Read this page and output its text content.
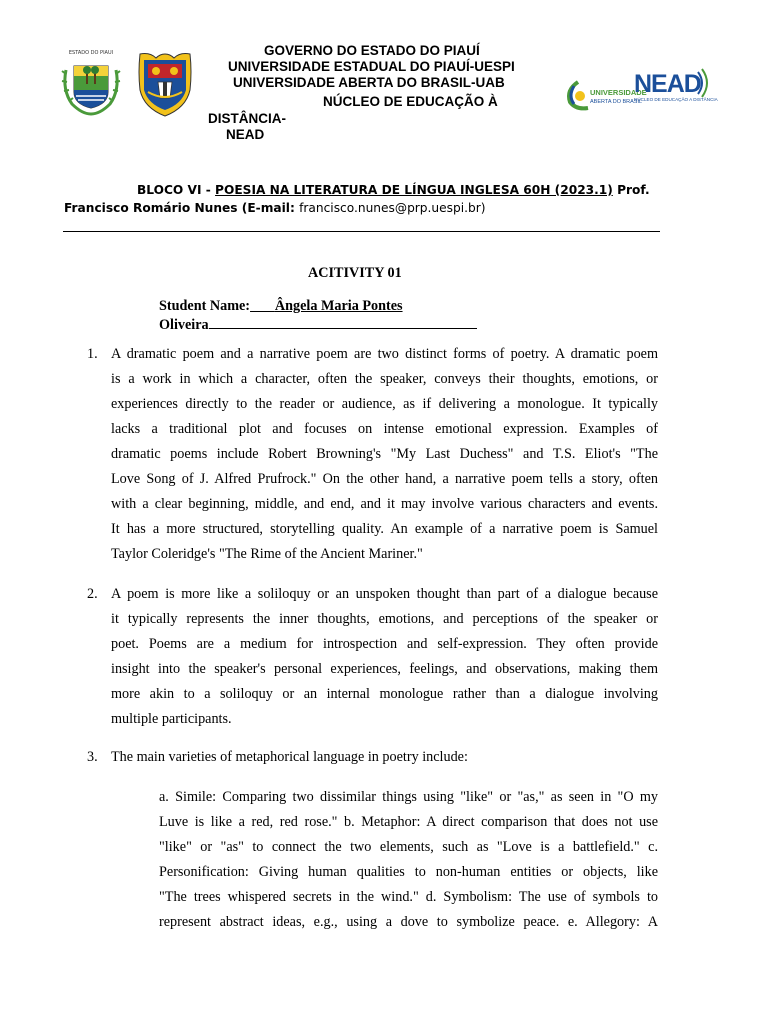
ESTADO DO PIAUI
UNIVERSIDADE
ABERTA DO BRASIL
NEAD
NÚCLEO DE EDUCAÇÃO A DISTÂNCIA
GOVERNO DO ESTADO DO PIAUÍ
UNIVERSIDADE ESTADUAL DO PIAUÍ-UESPI
UNIVERSIDADE ABERTA DO BRASIL-UAB
NÚCLEO DE EDUCAÇÃO À
DISTÂNCIA-
NEAD
BLOCO VI - POESIA NA LITERATURA DE LÍNGUA INGLESA 60H (2023.1) Prof.
Francisco Romário Nunes (E-mail: francisco.nunes@prp.uespi.br)
ACITIVITY 01
Student Name: Ângela Maria Pontes
Oliveira
1. A dramatic poem and a narrative poem are two distinct forms of poetry. A dramatic poem
is a work in which a character, often the speaker, conveys their thoughts, emotions, or
experiences directly to the reader or audience, as if delivering a monologue. It typically
lacks a traditional plot and focuses on intense emotional expression. Examples of
dramatic poems include Robert Browning's "My Last Duchess" and T.S. Eliot's "The
Love Song of J. Alfred Prufrock." On the other hand, a narrative poem tells a story, often
with a clear beginning, middle, and end, and it may involve various characters and events.
It has a more structured, storytelling quality. An example of a narrative poem is Samuel
Taylor Coleridge's "The Rime of the Ancient Mariner."
2. A poem is more like a soliloquy or an unspoken thought than part of a dialogue because
it typically represents the inner thoughts, emotions, and perceptions of the speaker or
poet. Poems are a medium for introspection and self-expression. They often provide
insight into the speaker's personal experiences, feelings, and observations, making them
more akin to a soliloquy or an internal monologue rather than a dialogue involving
multiple participants.
3. The main varieties of metaphorical language in poetry include:
a. Simile: Comparing two dissimilar things using "like" or "as," as seen in "O my
Luve is like a red, red rose." b. Metaphor: A direct comparison that does not use
"like" or "as" to connect the two elements, such as "Love is a battlefield." c.
Personification: Giving human qualities to non-human entities or objects, like
"The trees whispered secrets in the wind." d. Symbolism: The use of symbols to
represent abstract ideas, e.g., using a dove to symbolize peace. e. Allegory: A
